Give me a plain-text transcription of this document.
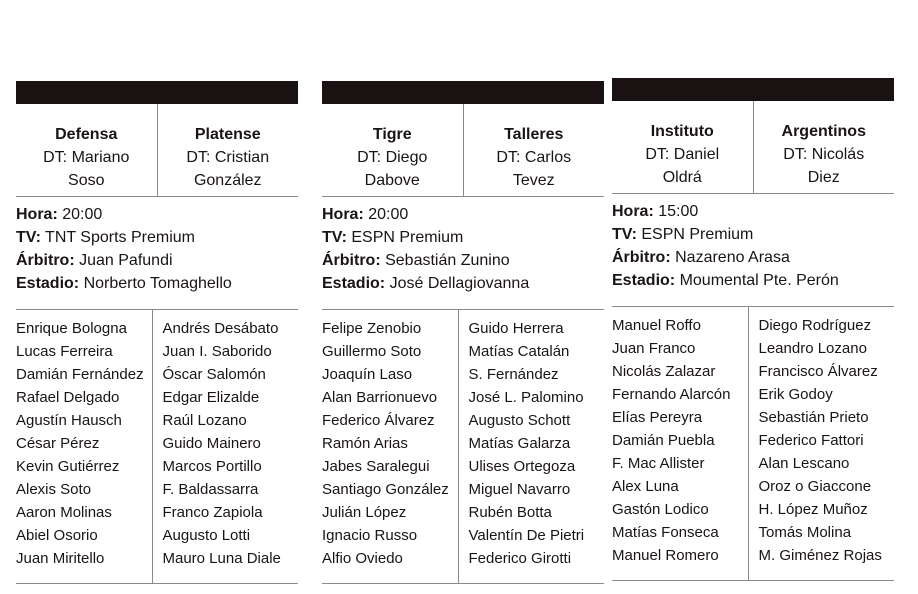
Defensa
DT: Mariano Soso
Platense
DT: Cristian González
Hora: 20:00
TV: TNT Sports Premium
Árbitro: Juan Pafundi
Estadio: Norberto Tomaghello
Enrique Bologna
Lucas Ferreira
Damián Fernández
Rafael Delgado
Agustín Hausch
César Pérez
Kevin Gutiérrez
Alexis Soto
Aaron Molinas
Abiel Osorio
Juan Miritello
Andrés Desábato
Juan I. Saborido
Óscar Salomón
Edgar Elizalde
Raúl Lozano
Guido Mainero
Marcos Portillo
F. Baldassarra
Franco Zapiola
Augusto Lotti
Mauro Luna Diale
Tigre
DT: Diego Dabove
Talleres
DT: Carlos Tevez
Hora: 20:00
TV: ESPN Premium
Árbitro: Sebastián Zunino
Estadio: José Dellagiovanna
Felipe Zenobio
Guillermo Soto
Joaquín Laso
Alan Barrionuevo
Federico Álvarez
Ramón Arias
Jabes Saralegui
Santiago González
Julián López
Ignacio Russo
Alfio Oviedo
Guido Herrera
Matías Catalán
S. Fernández
José L. Palomino
Augusto Schott
Matías Galarza
Ulises Ortegoza
Miguel Navarro
Rubén Botta
Valentín De Pietri
Federico Girotti
Instituto
DT: Daniel Oldrá
Argentinos
DT: Nicolás Diez
Hora: 15:00
TV: ESPN Premium
Árbitro: Nazareno Arasa
Estadio: Moumental Pte. Perón
Manuel Roffo
Juan Franco
Nicolás Zalazar
Fernando Alarcón
Elías Pereyra
Damián Puebla
F. Mac Allister
Alex Luna
Gastón Lodico
Matías Fonseca
Manuel Romero
Diego Rodríguez
Leandro Lozano
Francisco Álvarez
Erik Godoy
Sebastián Prieto
Federico Fattori
Alan Lescano
Oroz o Giaccone
H. López Muñoz
Tomás Molina
M. Giménez Rojas
